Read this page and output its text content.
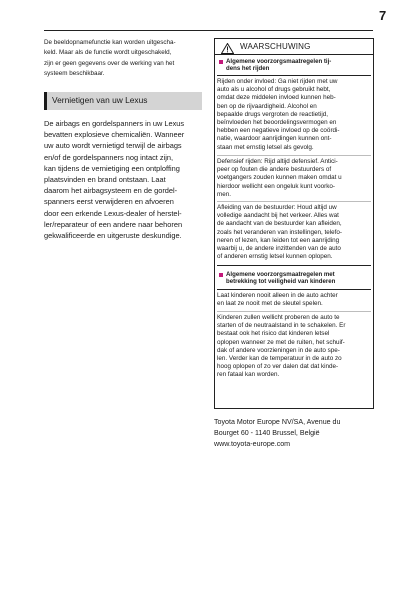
7
De beeldopnamefunctie kan worden uitgescha-
keld. Maar als de functie wordt uitgeschakeld,
zijn er geen gegevens over de werking van het
systeem beschikbaar.
Vernietigen van uw Lexus
De airbags en gordelspanners in uw Lexus
bevatten explosieve chemicaliën. Wanneer
uw auto wordt vernietigd terwijl de airbags
en/of de gordelspanners nog intact zijn,
kan tijdens de vernietiging een ontploffing
plaatsvinden en brand ontstaan. Laat
daarom het airbagsysteem en de gordel-
spanners eerst verwijderen en afvoeren
door een erkende Lexus-dealer of herstel-
ler/reparateur of een andere naar behoren
gekwalificeerde en uitgeruste deskundige.
WAARSCHUWING
Algemene voorzorgsmaatregelen tij-
dens het rijden
Rijden onder invloed: Ga niet rijden met uw
auto als u alcohol of drugs gebruikt hebt,
omdat deze middelen invloed kunnen heb-
ben op de rijvaardigheid. Alcohol en
bepaalde drugs vergroten de reactietijd,
beïnvloeden het beoordelingsvermogen en
hebben een negatieve invloed op de coördi-
natie, waardoor aanrijdingen kunnen ont-
staan met ernstig letsel als gevolg.
Defensief rijden: Rijd altijd defensief. Antici-
peer op fouten die andere bestuurders of
voetgangers zouden kunnen maken omdat u
hierdoor wellicht een ongeluk kunt voorko-
men.
Afleiding van de bestuurder: Houd altijd uw
volledige aandacht bij het verkeer. Alles wat
de aandacht van de bestuurder kan afleiden,
zoals het veranderen van instellingen, telefo-
neren of lezen, kan leiden tot een aanrijding
waarbij u, de andere inzittenden van de auto
of anderen ernstig letsel kunnen oplopen.
Algemene voorzorgsmaatregelen met
betrekking tot veiligheid van kinderen
Laat kinderen nooit alleen in de auto achter
en laat ze nooit met de sleutel spelen.
Kinderen zullen wellicht proberen de auto te
starten of de neutraalstand in te schakelen. Er
bestaat ook het risico dat kinderen letsel
oplopen wanneer ze met de ruiten, het schuif-
dak of andere voorzieningen in de auto spe-
len. Verder kan de temperatuur in de auto zo
hoog oplopen of zo ver dalen dat dat kinde-
ren fataal kan worden.
Toyota Motor Europe NV/SA, Avenue du
Bourget 60 - 1140 Brussel, België
www.toyota-europe.com
